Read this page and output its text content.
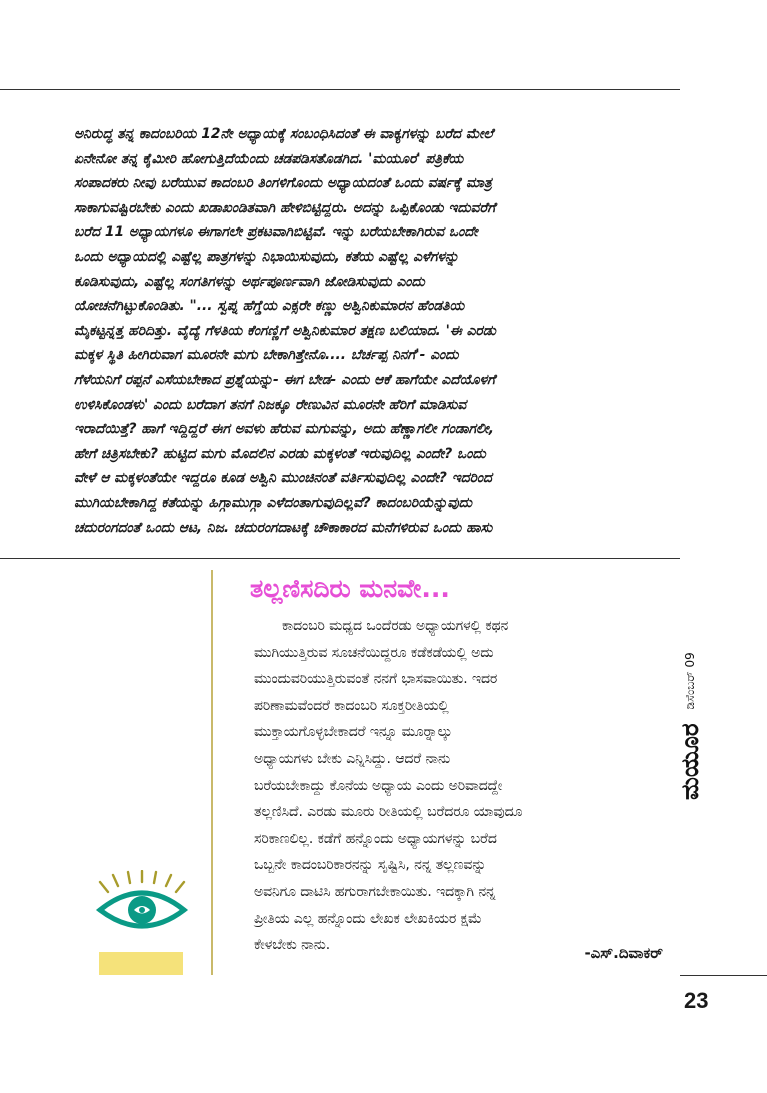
ಅನಿರುದ್ಧ ತನ್ನ ಕಾದಂಬರಿಯ 12ನೇ ಅಧ್ಯಾಯಕ್ಕೆ ಸಂಬಂಧಿಸಿದಂತೆ ಈ ವಾಕ್ಯಗಳನ್ನು ಬರೆದ ಮೇಲೆ
ಏನೇನೋ ತನ್ನ ಕೈಮೀರಿ ಹೋಗುತ್ತಿದೆಯೆಂದು ಚಡಪಡಿಸತೊಡಗಿದ. 'ಮಯೂರ' ಪತ್ರಿಕೆಯ
ಸಂಪಾದಕರು ನೀವು ಬರೆಯುವ ಕಾದಂಬರಿ ತಿಂಗಳಿಗೊಂದು ಅಧ್ಯಾಯದಂತೆ ಒಂದು ವರ್ಷಕ್ಕೆ ಮಾತ್ರ
ಸಾಕಾಗುವಷ್ಟಿರಬೇಕು ಎಂದು ಖಡಾಖಂಡಿತವಾಗಿ ಹೇಳಿಬಿಟ್ಟಿದ್ದರು. ಅದನ್ನು ಒಪ್ಪಿಕೊಂಡು ಇದುವರೆಗೆ
ಬರೆದ 11 ಅಧ್ಯಾಯಗಳೂ ಈಗಾಗಲೇ ಪ್ರಕಟವಾಗಿಬಿಟ್ಟಿವೆ. ಇನ್ನು ಬರೆಯಬೇಕಾಗಿರುವ ಒಂದೇ
ಒಂದು ಅಧ್ಯಾಯದಲ್ಲಿ ಎಷ್ಟೆಲ್ಲ ಪಾತ್ರಗಳನ್ನು ನಿಭಾಯಿಸುವುದು, ಕತೆಯ ಎಷ್ಟೆಲ್ಲ ಎಳೆಗಳನ್ನು
ಕೂಡಿಸುವುದು, ಎಷ್ಟೆಲ್ಲ ಸಂಗತಿಗಳನ್ನು ಅರ್ಥಪೂರ್ಣವಾಗಿ ಜೋಡಿಸುವುದು ಎಂದು
ಯೋಚನೆಗಿಟ್ಟುಕೊಂಡಿತು. "... ಸ್ವಪ್ನ ಹೆಗ್ಡೆಯ ಎಕ್ಸರೇ ಕಣ್ಣು ಅಶ್ವಿನಿಕುಮಾರನ ಹೆಂಡತಿಯ
ಮೈಕಟ್ಟನ್ನತ್ತ ಹರಿದಿತ್ತು. ವೈದ್ಯೆ ಗೆಳತಿಯ ಕೆಂಗಣ್ಣಿಗೆ ಅಶ್ವಿನಿಕುಮಾರ ತಕ್ಷಣ ಬಲಿಯಾದ. 'ಈ ಎರಡು
ಮಕ್ಕಳ ಸ್ಥಿತಿ ಹೀಗಿರುವಾಗ ಮೂರನೇ ಮಗು ಬೇಕಾಗಿತ್ತೇನೊ.... ಬೆರ್ಚಪ್ಪ ನಿನಗೆ'- ಎಂದು
ಗೆಳೆಯನಿಗೆ ರಪ್ಪನೆ ಎಸೆಯಬೇಕಾದ ಪ್ರಶ್ನೆಯನ್ನು- ಈಗ ಬೇಡ- ಎಂದು ಆಕೆ ಹಾಗೆಯೇ ಎದೆಯೊಳಗೆ
ಉಳಿಸಿಕೊಂಡಳು' ಎಂದು ಬರೆದಾಗ ತನಗೆ ನಿಜಕ್ಕೂ ರೇಣುವಿನ ಮೂರನೇ ಹೆರಿಗೆ ಮಾಡಿಸುವ
ಇರಾದೆಯಿತ್ತೆ? ಹಾಗೆ ಇದ್ದಿದ್ದರೆ ಈಗ ಅವಳು ಹೆರುವ ಮಗುವನ್ನು, ಅದು ಹೆಣ್ಣಾಗಲೀ ಗಂಡಾಗಲೀ,
ಹೇಗೆ ಚಿತ್ರಿಸಬೇಕು? ಹುಟ್ಟಿದ ಮಗು ಮೊದಲಿನ ಎರಡು ಮಕ್ಕಳಂತೆ ಇರುವುದಿಲ್ಲ ಎಂದೇ? ಒಂದು
ವೇಳೆ ಆ ಮಕ್ಕಳಂತೆಯೇ ಇದ್ದರೂ ಕೂಡ ಅಶ್ವಿನಿ ಮುಂಚಿನಂತೆ ವರ್ತಿಸುವುದಿಲ್ಲ ಎಂದೇ? ಇದರಿಂದ
ಮುಗಿಯಬೇಕಾಗಿದ್ದ ಕತೆಯನ್ನು ಹಿಗ್ಗಾಮುಗ್ಗಾ ಎಳೆದಂತಾಗುವುದಿಲ್ಲವೆ? ಕಾದಂಬರಿಯೆನ್ನುವುದು
ಚದುರಂಗದಂತೆ ಒಂದು ಆಟ, ನಿಜ. ಚದುರಂಗದಾಟಕ್ಕೆ ಚೌಕಾಕಾರದ ಮನೆಗಳಿರುವ ಒಂದು ಹಾಸು
ತಲ್ಲಣಿಸದಿರು ಮನವೇ...
ಕಾದಂಬರಿ ಮಧ್ಯದ ಒಂದೆರಡು ಅಧ್ಯಾಯಗಳಲ್ಲಿ ಕಥನ
ಮುಗಿಯುತ್ತಿರುವ ಸೂಚನೆಯಿದ್ದರೂ ಕಡೆಕಡೆಯಲ್ಲಿ ಅದು
ಮುಂದುವರಿಯುತ್ತಿರುವಂತೆ ನನಗೆ ಭಾಸವಾಯಿತು. ಇದರ
ಪರಿಣಾಮವೆಂದರೆ ಕಾದಂಬರಿ ಸೂಕ್ತರೀತಿಯಲ್ಲಿ
ಮುಕ್ತಾಯಗೊಳ್ಳಬೇಕಾದರೆ ಇನ್ನೂ ಮೂರ್‍ನಾಲ್ಕು
ಅಧ್ಯಾಯಗಳು ಬೇಕು ಎನ್ನಿಸಿದ್ದು. ಆದರೆ ನಾನು
ಬರೆಯಬೇಕಾದ್ದು ಕೊನೆಯ ಅಧ್ಯಾಯ ಎಂದು ಅರಿವಾದದ್ದೇ
ತಲ್ಲಣಿಸಿದೆ. ಎರಡು ಮೂರು ರೀತಿಯಲ್ಲಿ ಬರೆದರೂ ಯಾವುದೂ
ಸರಿಕಾಣಲಿಲ್ಲ. ಕಡೆಗೆ ಹನ್ನೊಂದು ಅಧ್ಯಾಯಗಳನ್ನು ಬರೆದ
ಒಬ್ಬನೇ ಕಾದಂಬರಿಕಾರನನ್ನು ಸೃಷ್ಟಿಸಿ, ನನ್ನ ತಲ್ಲಣವನ್ನು
ಅವನಿಗೂ ದಾಟಿಸಿ ಹಗುರಾಗಬೇಕಾಯಿತು. ಇದಕ್ಕಾಗಿ ನನ್ನ
ಪ್ರೀತಿಯ ಎಲ್ಲ ಹನ್ನೊಂದು ಲೇಖಕ ಲೇಖಕಿಯರ ಕ್ಷಮೆ
ಕೇಳಬೇಕು ನಾನು.	-ಎಸ್.ದಿವಾಕರ್
ಮಯೂರ
ಡಿಸೆಂಬರ್ 09
23
